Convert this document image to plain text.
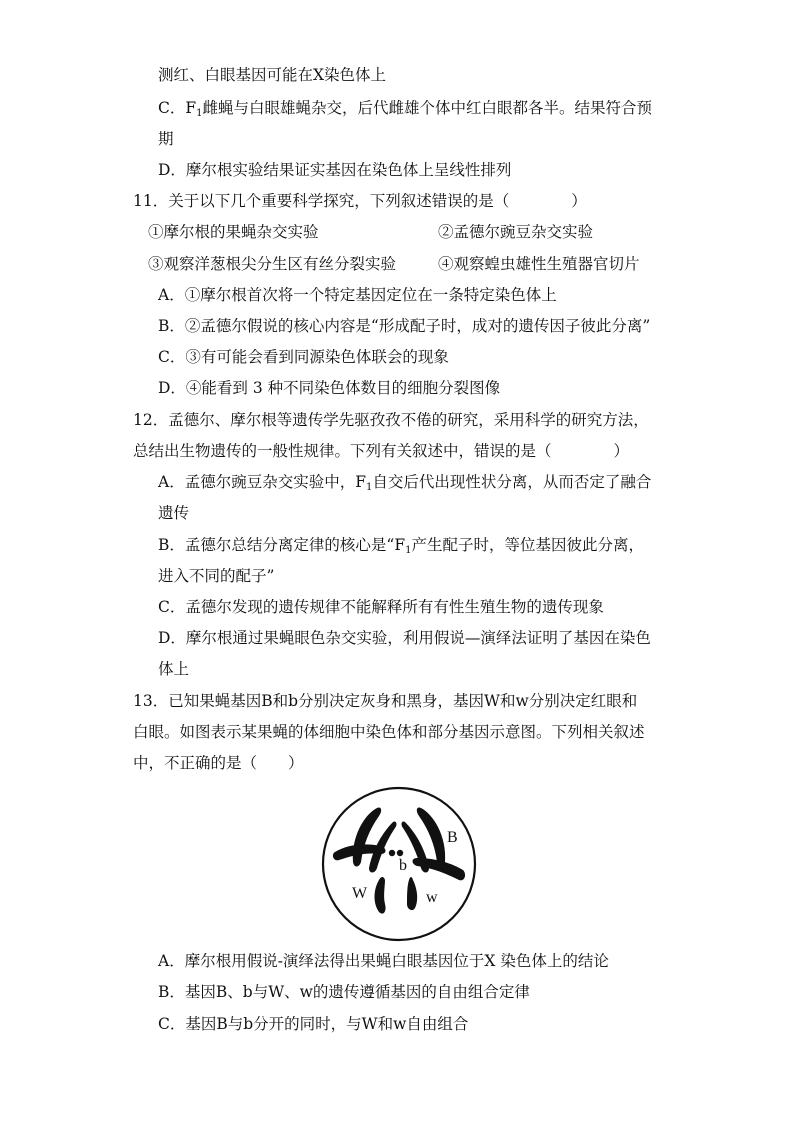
测红、白眼基因可能在X染色体上
C．$F_1$雌蝇与白眼雄蝇杂交，后代雌雄个体中红白眼都各半。结果符合预
期
D．摩尔根实验结果证实基因在染色体上呈线性排列
11．关于以下几个重要科学探究，下列叙述错误的是（　　　　）
①摩尔根的果蝇杂交实验	②孟德尔豌豆杂交实验
③观察洋葱根尖分生区有丝分裂实验	④观察蝗虫雄性生殖器官切片
A．①摩尔根首次将一个特定基因定位在一条特定染色体上
B．②孟德尔假说的核心内容是“形成配子时，成对的遗传因子彼此分离”
C．③有可能会看到同源染色体联会的现象
D．④能看到 3 种不同染色体数目的细胞分裂图像
12．孟德尔、摩尔根等遗传学先驱孜孜不倦的研究，采用科学的研究方法，
总结出生物遗传的一般性规律。下列有关叙述中，错误的是（　　　　）
A．孟德尔豌豆杂交实验中，$F_1$自交后代出现性状分离，从而否定了融合
遗传
B．孟德尔总结分离定律的核心是“$F_1$产生配子时，等位基因彼此分离，
进入不同的配子”
C．孟德尔发现的遗传规律不能解释所有有性生殖生物的遗传现象
D．摩尔根通过果蝇眼色杂交实验，利用假说—演绎法证明了基因在染色
体上
13．已知果蝇基因B和b分别决定灰身和黑身，基因W和w分别决定红眼和
白眼。如图表示某果蝇的体细胞中染色体和部分基因示意图。下列相关叙述
中，不正确的是（　　）
B
b
W	w
A．摩尔根用假说-演绎法得出果蝇白眼基因位于X 染色体上的结论
B．基因B、b与W、w的遗传遵循基因的自由组合定律
C．基因B与b分开的同时，与W和w自由组合
